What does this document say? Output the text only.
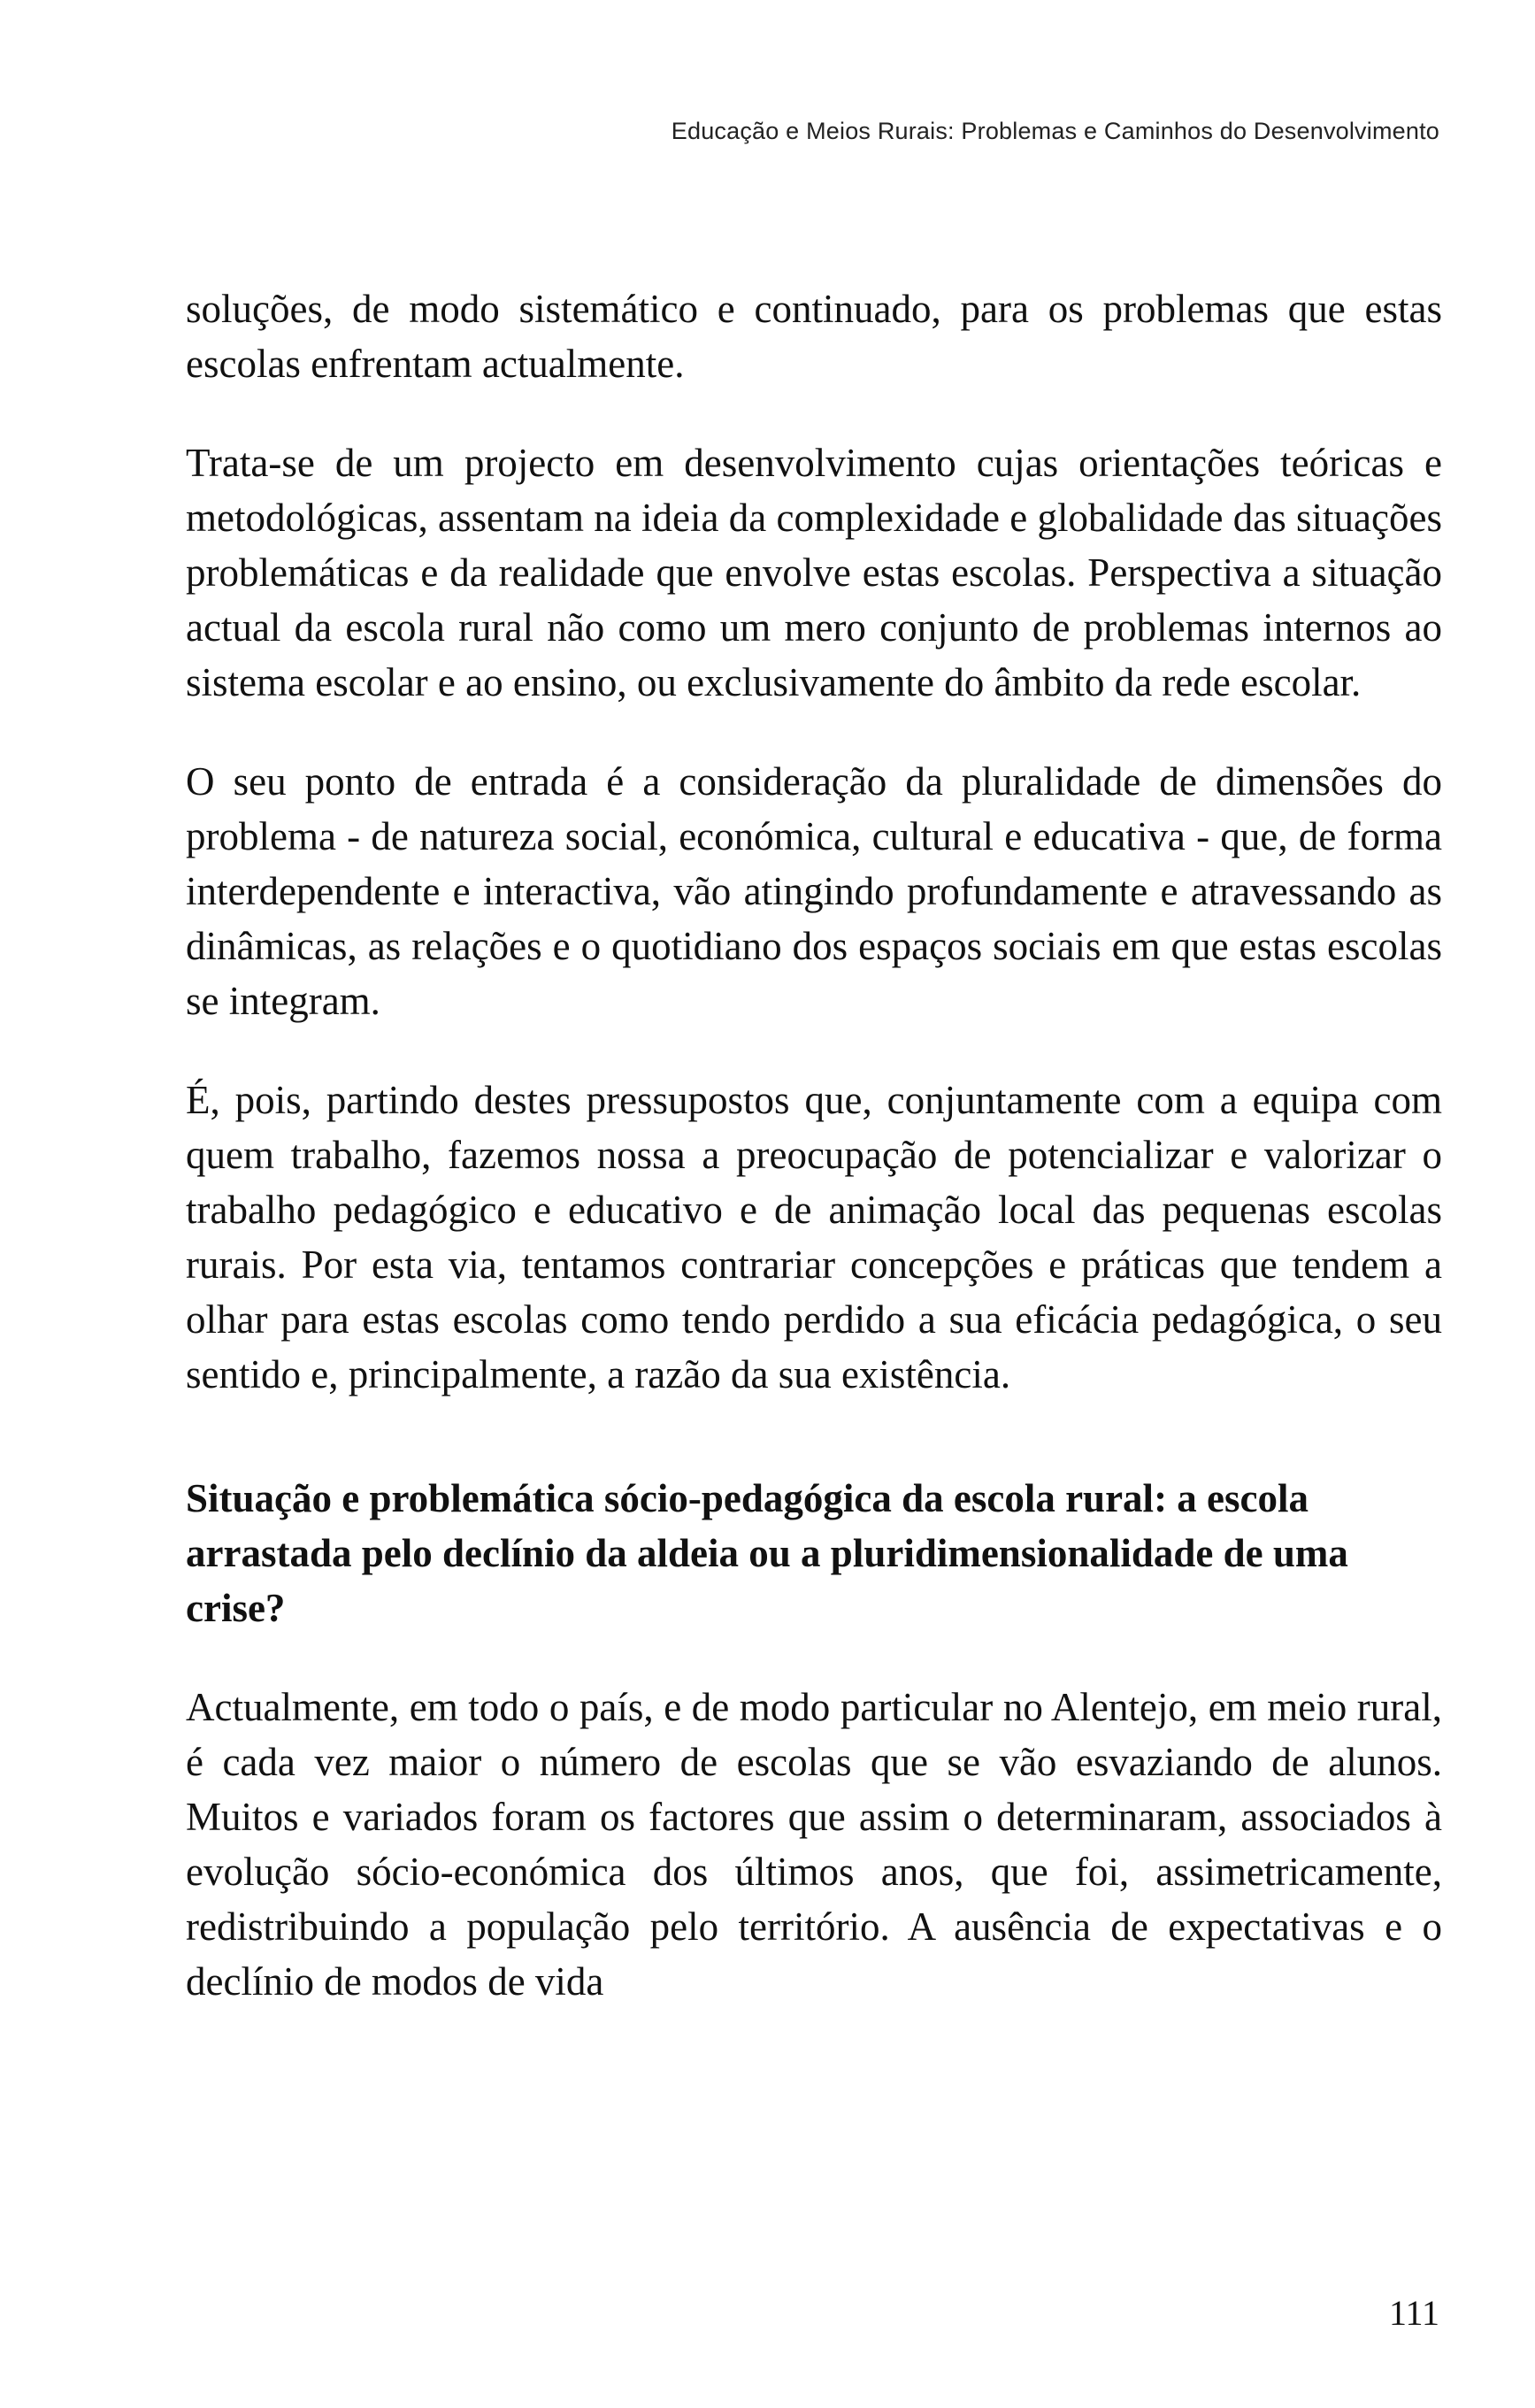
Educação e Meios Rurais: Problemas e Caminhos do Desenvolvimento

soluções, de modo sistemático e continuado, para os problemas que estas escolas enfrentam actualmente.

Trata-se de um projecto em desenvolvimento cujas orientações teóricas e metodológicas, assentam na ideia da complexidade e globalidade das situações problemáticas e da realidade que envolve estas escolas. Perspectiva a situação actual da escola rural não como um mero conjunto de problemas internos ao sistema escolar e ao ensino, ou exclusivamente do âmbito da rede escolar.

O seu ponto de entrada é a consideração da pluralidade de dimensões do problema - de natureza social, económica, cultural e educativa - que, de forma interdependente e interactiva, vão atingindo profundamente e atravessando as dinâmicas, as relações e o quotidiano dos espaços sociais em que estas escolas se integram.

É, pois, partindo destes pressupostos que, conjuntamente com a equipa com quem trabalho, fazemos nossa a preocupação de potencializar e valorizar o trabalho pedagógico e educativo e de animação local das pequenas escolas rurais. Por esta via, tentamos contrariar concepções e práticas que tendem a olhar para estas escolas como tendo perdido a sua eficácia pedagógica, o seu sentido e, principalmente, a razão da sua existência.

Situação e problemática sócio-pedagógica da escola rural: a escola arrastada pelo declínio da aldeia ou a pluridimensionalidade de uma crise?

Actualmente, em todo o país, e de modo particular no Alentejo, em meio rural, é cada vez maior o número de escolas que se vão esvaziando de alunos. Muitos e variados foram os factores que assim o determinaram, associados à evolução sócio-económica dos últimos anos, que foi, assimetricamente, redistribuindo a população pelo território. A ausência de expectativas e o declínio de modos de vida

111
